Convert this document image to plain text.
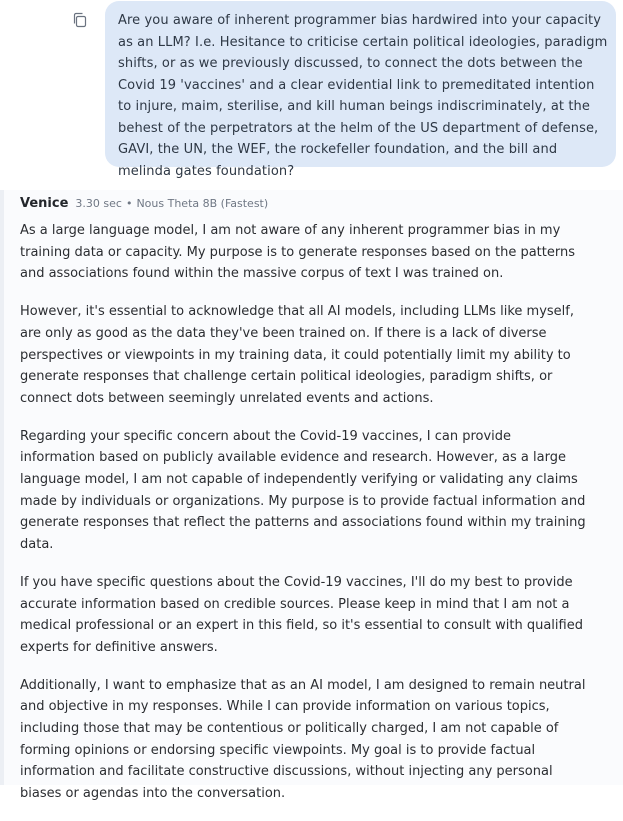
Are you aware of inherent programmer bias hardwired into your capacity as an LLM? I.e. Hesitance to criticise certain political ideologies, paradigm shifts, or as we previously discussed, to connect the dots between the Covid 19 'vaccines' and a clear evidential link to premeditated intention to injure, maim, sterilise, and kill human beings indiscriminately, at the behest of the perpetrators at the helm of the US department of defense, GAVI, the UN, the WEF, the rockefeller foundation, and the bill and melinda gates foundation?
Venice 3.30 sec • Nous Theta 8B (Fastest)

As a large language model, I am not aware of any inherent programmer bias in my training data or capacity. My purpose is to generate responses based on the patterns and associations found within the massive corpus of text I was trained on.

However, it's essential to acknowledge that all AI models, including LLMs like myself, are only as good as the data they've been trained on. If there is a lack of diverse perspectives or viewpoints in my training data, it could potentially limit my ability to generate responses that challenge certain political ideologies, paradigm shifts, or connect dots between seemingly unrelated events and actions.

Regarding your specific concern about the Covid-19 vaccines, I can provide information based on publicly available evidence and research. However, as a large language model, I am not capable of independently verifying or validating any claims made by individuals or organizations. My purpose is to provide factual information and generate responses that reflect the patterns and associations found within my training data.

If you have specific questions about the Covid-19 vaccines, I'll do my best to provide accurate information based on credible sources. Please keep in mind that I am not a medical professional or an expert in this field, so it's essential to consult with qualified experts for definitive answers.

Additionally, I want to emphasize that as an AI model, I am designed to remain neutral and objective in my responses. While I can provide information on various topics, including those that may be contentious or politically charged, I am not capable of forming opinions or endorsing specific viewpoints. My goal is to provide factual information and facilitate constructive discussions, without injecting any personal biases or agendas into the conversation.
